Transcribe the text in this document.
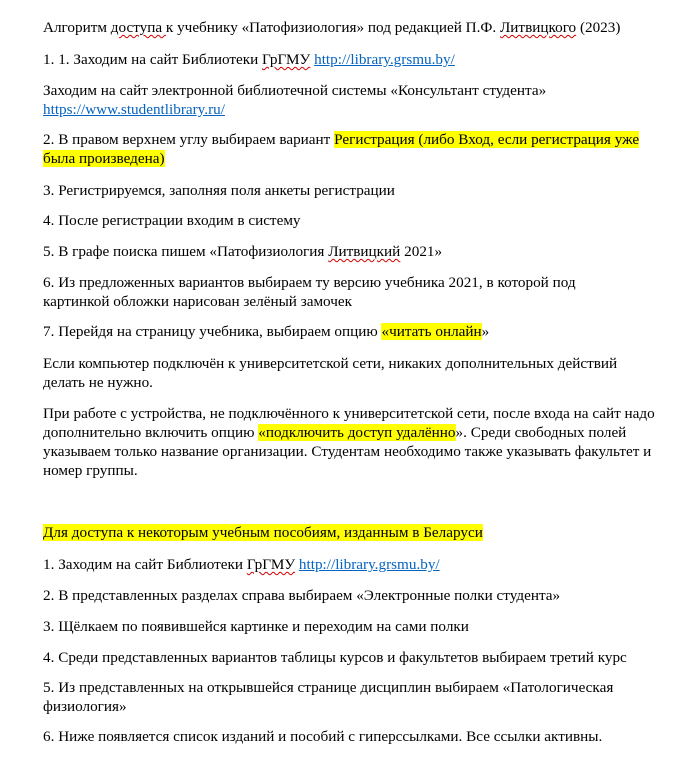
Алгоритм доступа к учебнику «Патофизиология» под редакцией П.Ф. Литвицкого (2023)

1. 1. Заходим на сайт Библиотеки ГрГМУ http://library.grsmu.by/

Заходим на сайт электронной библиотечной системы «Консультант студента» https://www.studentlibrary.ru/

2. В правом верхнем углу выбираем вариант Регистрация (либо Вход, если регистрация уже была произведена)

3. Регистрируемся, заполняя поля анкеты регистрации

4. После регистрации входим в систему

5. В графе поиска пишем «Патофизиология Литвицкий 2021»

6. Из предложенных вариантов выбираем ту версию учебника 2021, в которой под картинкой обложки нарисован зелёный замочек

7. Перейдя на страницу учебника, выбираем опцию «читать онлайн»

Если компьютер подключён к университетской сети, никаких дополнительных действий делать не нужно.

При работе с устройства, не подключённого к университетской сети, после входа на сайт надо дополнительно включить опцию «подключить доступ удалённо». Среди свободных полей указываем только название организации. Студентам необходимо также указывать факультет и номер группы.

Для доступа к некоторым учебным пособиям, изданным в Беларуси

1. Заходим на сайт Библиотеки ГрГМУ http://library.grsmu.by/

2. В представленных разделах справа выбираем «Электронные полки студента»

3. Щёлкаем по появившейся картинке и переходим на сами полки

4. Среди представленных вариантов таблицы курсов и факультетов выбираем третий курс

5. Из представленных на открывшейся странице дисциплин выбираем «Патологическая физиология»

6. Ниже появляется список изданий и пособий с гиперссылками. Все ссылки активны.
